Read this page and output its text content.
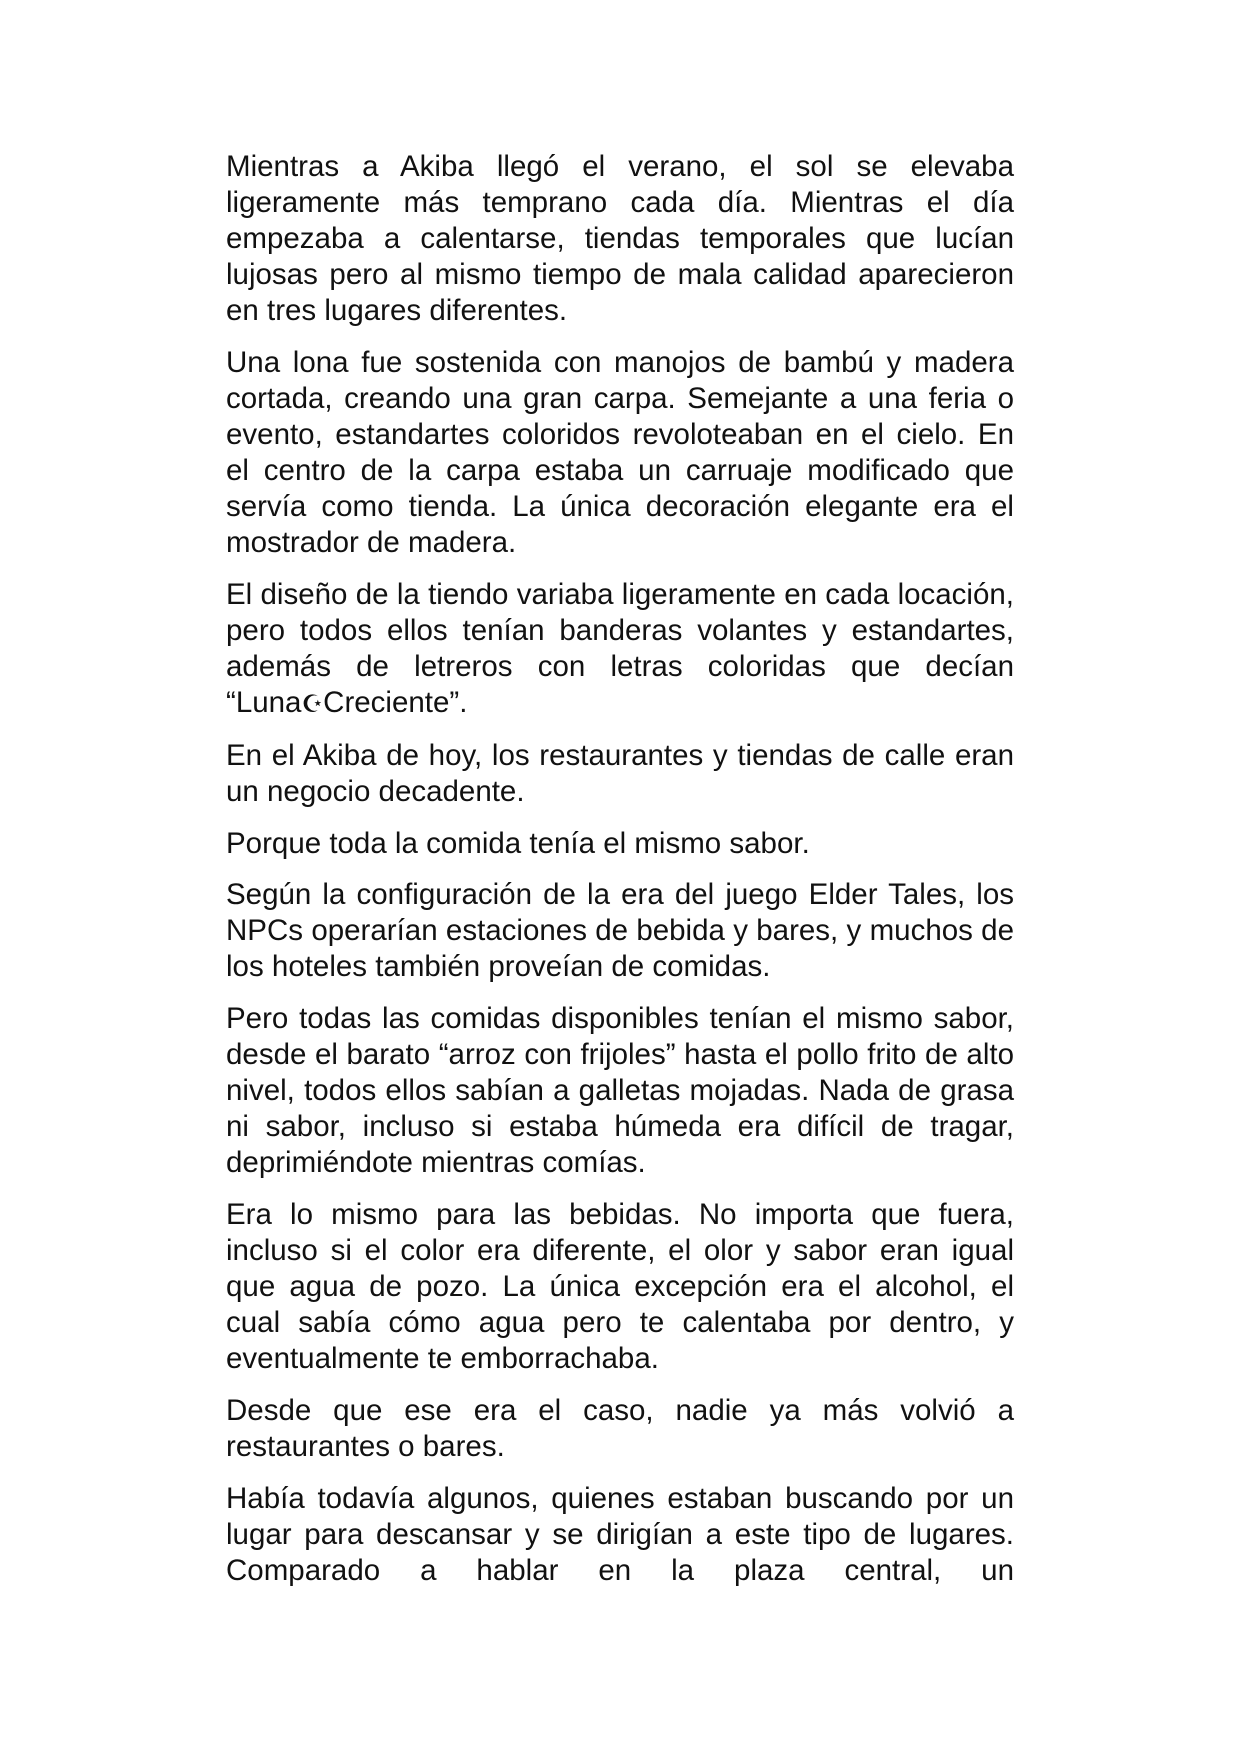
Mientras a Akiba llegó el verano, el sol se elevaba ligeramente más temprano cada día. Mientras el día empezaba a calentarse, tiendas temporales que lucían lujosas pero al mismo tiempo de mala calidad aparecieron en tres lugares diferentes.

Una lona fue sostenida con manojos de bambú y madera cortada, creando una gran carpa. Semejante a una feria o evento, estandartes coloridos revoloteaban en el cielo. En el centro de la carpa estaba un carruaje modificado que servía como tienda. La única decoración elegante era el mostrador de madera.

El diseño de la tiendo variaba ligeramente en cada locación, pero todos ellos tenían banderas volantes y estandartes, además de letreros con letras coloridas que decían “Luna☪Creciente”.

En el Akiba de hoy, los restaurantes y tiendas de calle eran un negocio decadente.

Porque toda la comida tenía el mismo sabor.

Según la configuración de la era del juego Elder Tales, los NPCs operarían estaciones de bebida y bares, y muchos de los hoteles también proveían de comidas.

Pero todas las comidas disponibles tenían el mismo sabor, desde el barato “arroz con frijoles” hasta el pollo frito de alto nivel, todos ellos sabían a galletas mojadas. Nada de grasa ni sabor, incluso si estaba húmeda era difícil de tragar, deprimiéndote mientras comías.

Era lo mismo para las bebidas. No importa que fuera, incluso si el color era diferente, el olor y sabor eran igual que agua de pozo. La única excepción era el alcohol, el cual sabía cómo agua pero te calentaba por dentro, y eventualmente te emborrachaba.

Desde que ese era el caso, nadie ya más volvió a restaurantes o bares.

Había todavía algunos, quienes estaban buscando por un lugar para descansar y se dirigían a este tipo de lugares. Comparado a hablar en la plaza central, un
